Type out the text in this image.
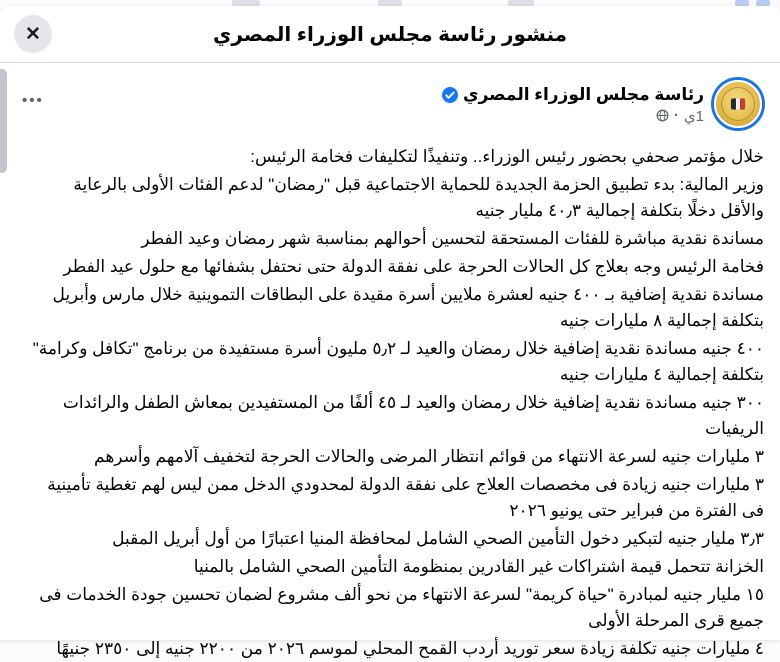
منشور رئاسة مجلس الوزراء المصري
✕
رئاسة مجلس الوزراء المصري
1ي
·
•••

خلال مؤتمر صحفي بحضور رئيس الوزراء.. وتنفيذًا لتكليفات فخامة الرئيس:

وزير المالية: بدء تطبيق الحزمة الجديدة للحماية الاجتماعية قبل "رمضان" لدعم الفئات الأولى بالرعاية والأقل دخلًا بتكلفة إجمالية ٤٠٫٣ مليار جنيه

مساندة نقدية مباشرة للفئات المستحقة لتحسين أحوالهم بمناسبة شهر رمضان وعيد الفطر

فخامة الرئيس وجه بعلاج كل الحالات الحرجة على نفقة الدولة حتى نحتفل بشفائها مع حلول عيد الفطر

مساندة نقدية إضافية بـ ٤٠٠ جنيه لعشرة ملايين أسرة مقيدة على البطاقات التموينية خلال مارس وأبريل بتكلفة إجمالية ٨ مليارات جنيه

٤٠٠ جنيه مساندة نقدية إضافية خلال رمضان والعيد لـ ٥٫٢ مليون أسرة مستفيدة من برنامج "تكافل وكرامة" بتكلفة إجمالية ٤ مليارات جنيه

٣٠٠ جنيه مساندة نقدية إضافية خلال رمضان والعيد لـ ٤٥ ألفًا من المستفيدين بمعاش الطفل والرائدات الريفيات

٣ مليارات جنيه لسرعة الانتهاء من قوائم انتظار المرضى والحالات الحرجة لتخفيف آلامهم وأسرهم

٣ مليارات جنيه زيادة فى مخصصات العلاج على نفقة الدولة لمحدودي الدخل ممن ليس لهم تغطية تأمينية فى الفترة من فبراير حتى يونيو ٢٠٢٦

٣٫٣ مليار جنيه لتبكير دخول التأمين الصحي الشامل لمحافظة المنيا اعتبارًا من أول أبريل المقبل

الخزانة تتحمل قيمة اشتراكات غير القادرين بمنظومة التأمين الصحي الشامل بالمنيا

١٥ مليار جنيه لمبادرة "حياة كريمة" لسرعة الانتهاء من نحو ألف مشروع لضمان تحسين جودة الخدمات فى جميع قرى المرحلة الأولى

٤ مليارات جنيه تكلفة زيادة سعر توريد أردب القمح المحلي لموسم ٢٠٢٦ من ٢٢٠٠ جنيه إلى ٢٣٥٠ جنيهًا
